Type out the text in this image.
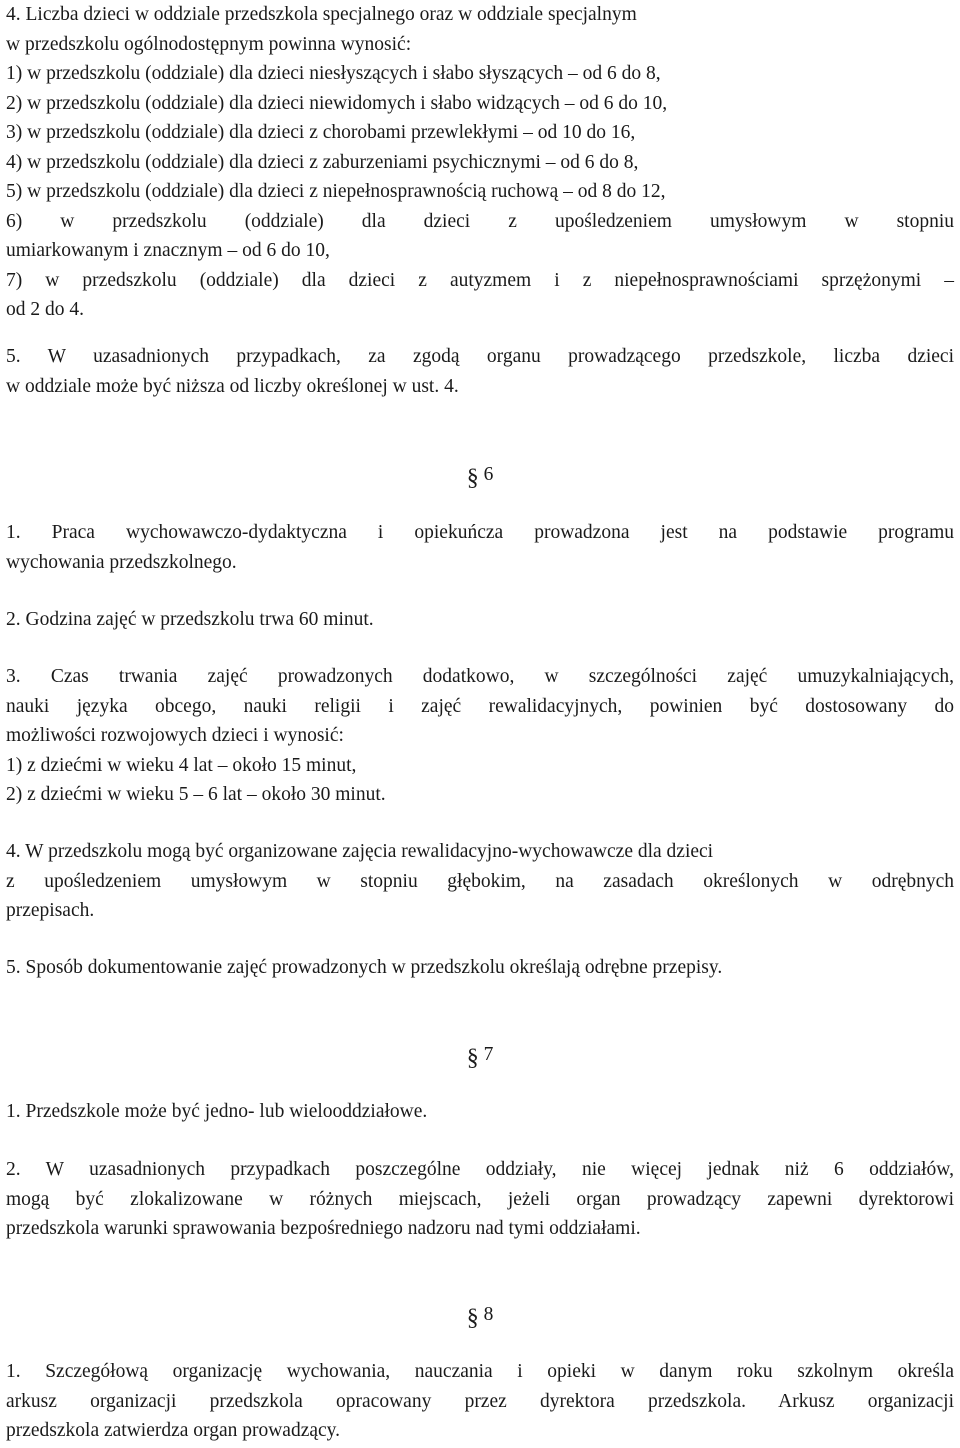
4. Liczba dzieci w oddziale przedszkola specjalnego oraz w oddziale specjalnym
w przedszkolu ogólnodostępnym powinna wynosić:
1) w przedszkolu (oddziale) dla dzieci niesłyszących i słabo słyszących – od 6 do 8,
2) w przedszkolu (oddziale) dla dzieci niewidomych i słabo widzących – od 6 do 10,
3) w przedszkolu (oddziale) dla dzieci z chorobami przewlekłymi – od 10 do 16,
4) w przedszkolu (oddziale) dla dzieci z zaburzeniami psychicznymi – od 6 do 8,
5) w przedszkolu (oddziale) dla dzieci z niepełnosprawnością ruchową – od 8 do 12,
6) w przedszkolu (oddziale) dla dzieci z upośledzeniem umysłowym w stopniu
umiarkowanym i znacznym – od 6 do 10,
7) w przedszkolu (oddziale) dla dzieci z autyzmem i z niepełnosprawnościami sprzężonymi –
od 2 do 4.
5. W uzasadnionych przypadkach, za zgodą organu prowadzącego przedszkole, liczba dzieci
w oddziale może być niższa od liczby określonej w ust. 4.
§ 6
1. Praca wychowawczo-dydaktyczna i opiekuńcza prowadzona jest na podstawie programu
wychowania przedszkolnego.
2. Godzina zajęć w przedszkolu trwa 60 minut.
3. Czas trwania zajęć prowadzonych dodatkowo, w szczególności zajęć umuzykalniających,
nauki języka obcego, nauki religii i zajęć rewalidacyjnych, powinien być dostosowany do
możliwości rozwojowych dzieci i wynosić:
1) z dziećmi w wieku 4 lat – około 15 minut,
2) z dziećmi w wieku 5 – 6 lat – około 30 minut.
4. W przedszkolu mogą być organizowane zajęcia rewalidacyjno-wychowawcze dla dzieci
z upośledzeniem umysłowym w stopniu głębokim, na zasadach określonych w odrębnych
przepisach.
5. Sposób dokumentowanie zajęć prowadzonych w przedszkolu określają odrębne przepisy.
§ 7
1. Przedszkole może być jedno- lub wielooddziałowe.
2. W uzasadnionych przypadkach poszczególne oddziały, nie więcej jednak niż 6 oddziałów,
mogą być zlokalizowane w różnych miejscach, jeżeli organ prowadzący zapewni dyrektorowi
przedszkola warunki sprawowania bezpośredniego nadzoru nad tymi oddziałami.
§ 8
1. Szczegółową organizację wychowania, nauczania i opieki w danym roku szkolnym określa
arkusz organizacji przedszkola opracowany przez dyrektora przedszkola. Arkusz organizacji
przedszkola zatwierdza organ prowadzący.
